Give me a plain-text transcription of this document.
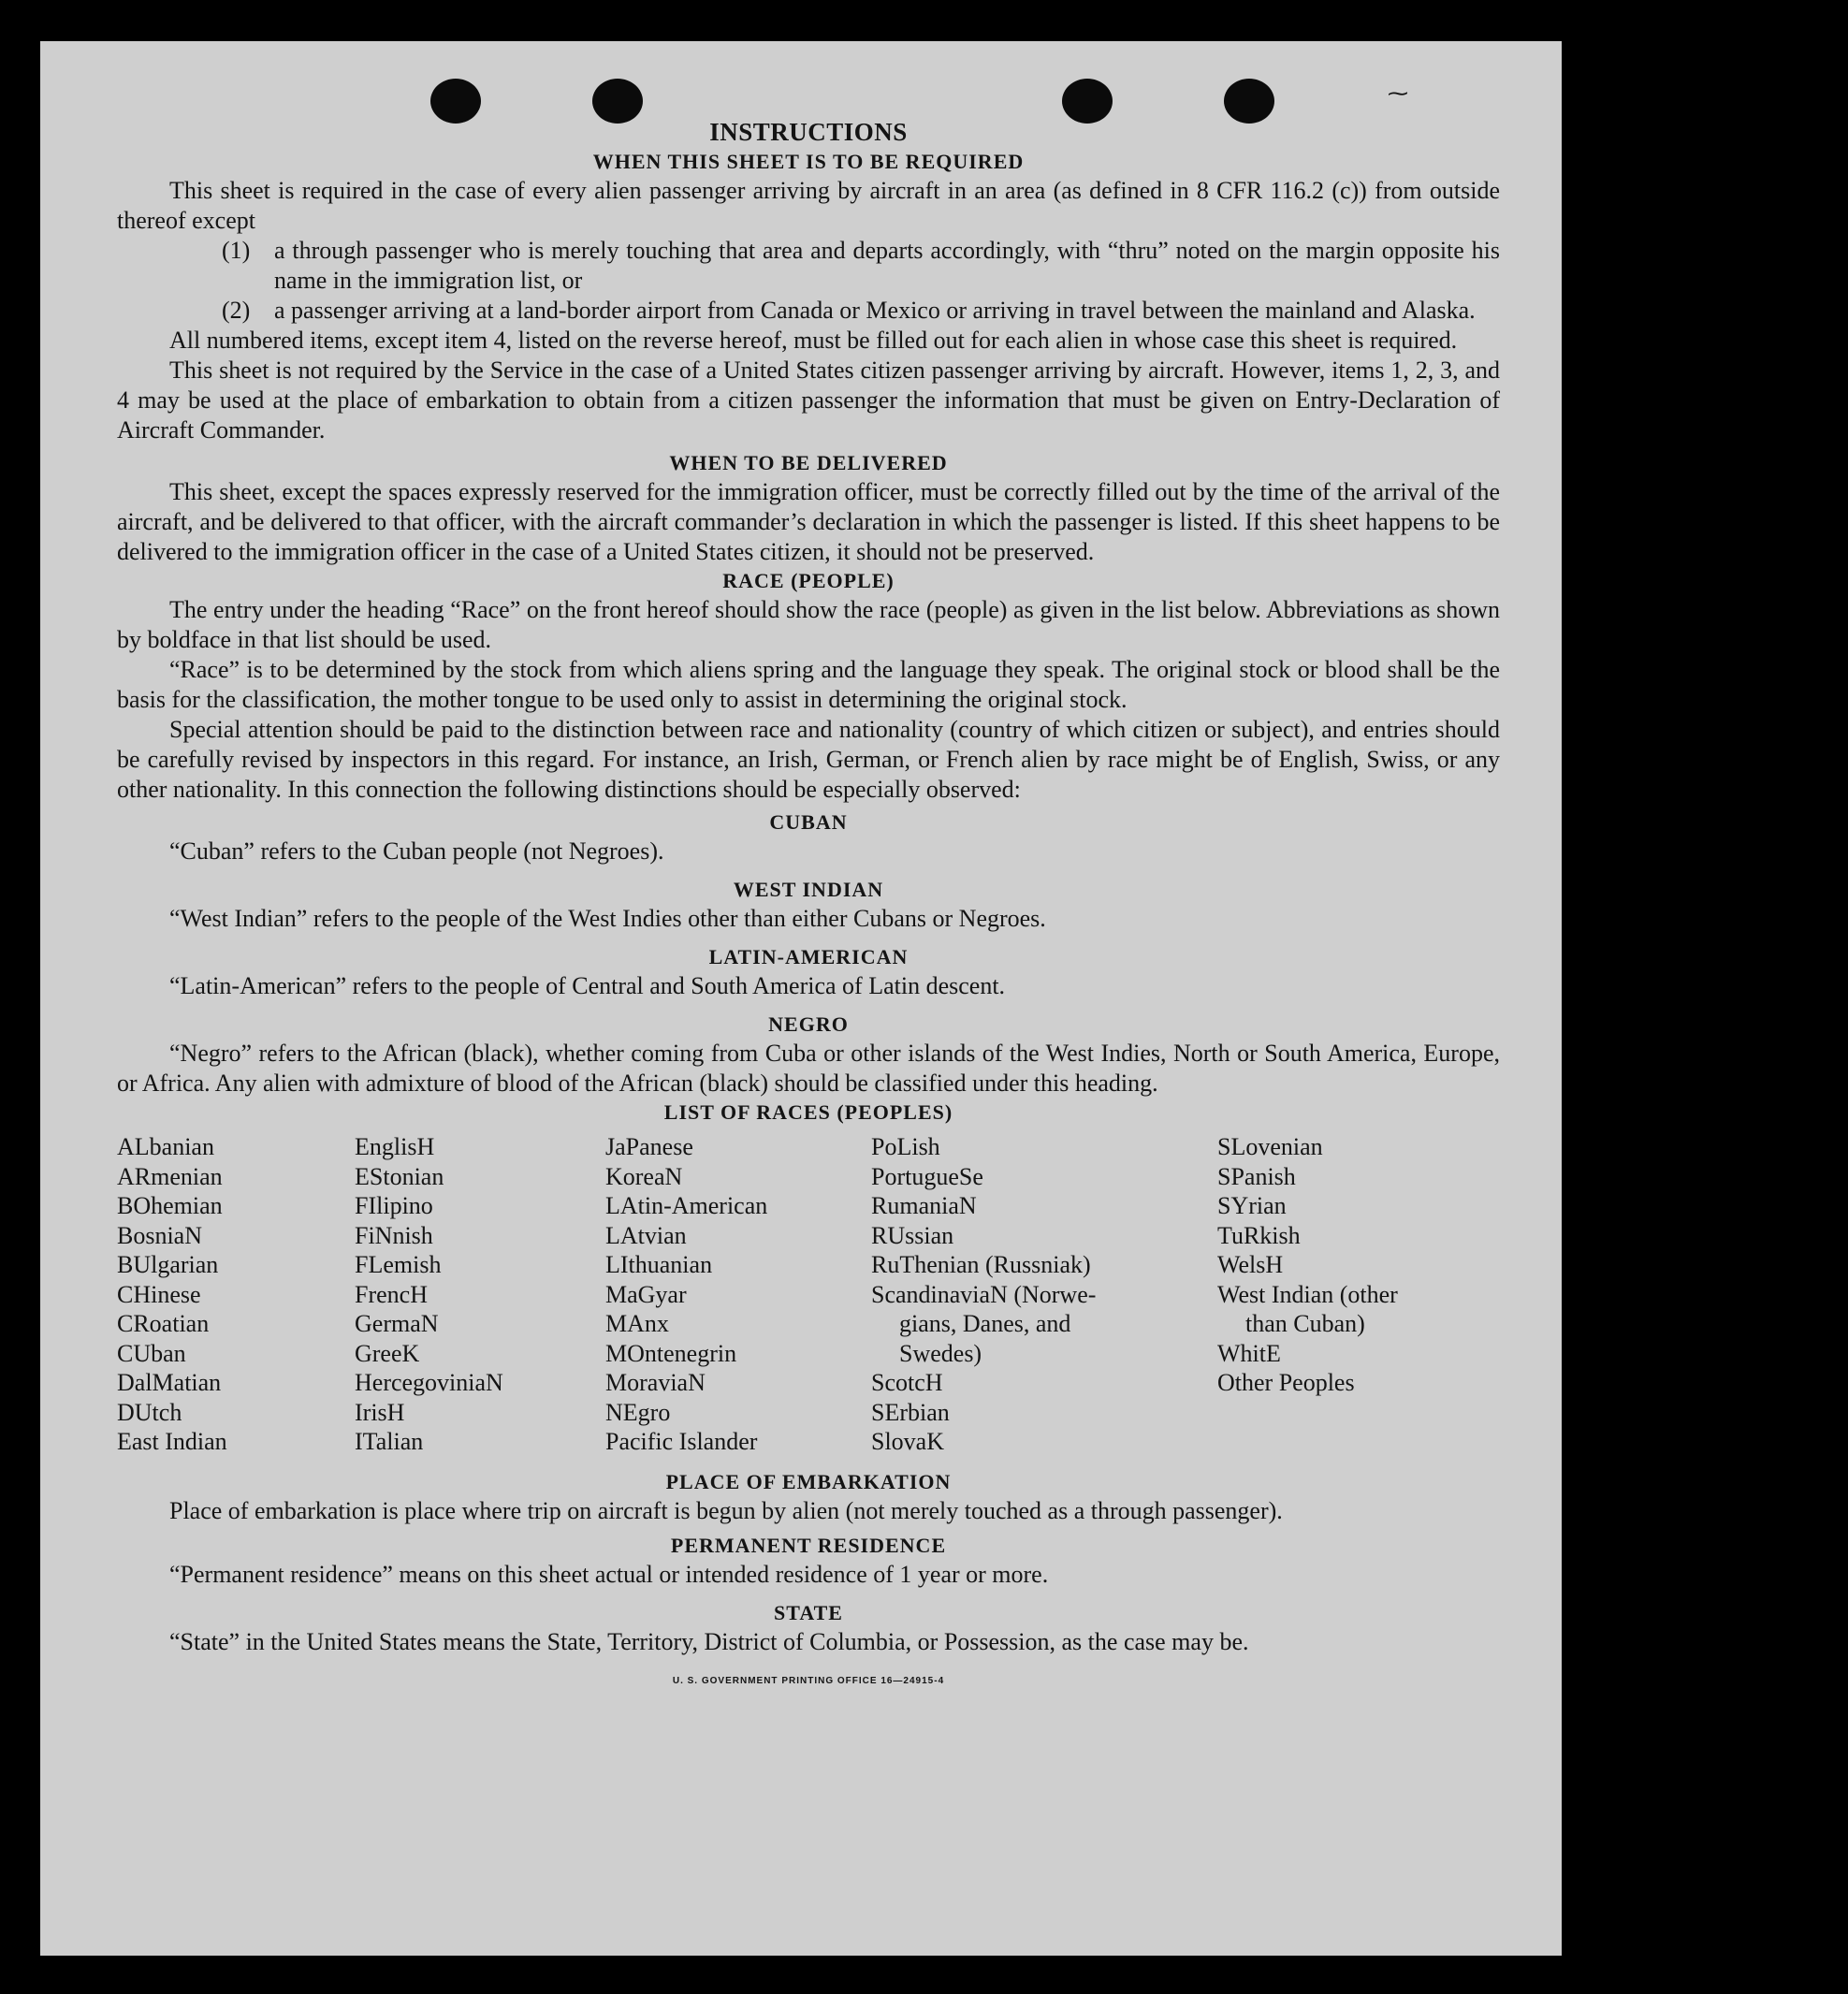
⁓
INSTRUCTIONS
WHEN THIS SHEET IS TO BE REQUIRED

This sheet is required in the case of every alien passenger arriving by aircraft in an area (as defined in 8 CFR 116.2 (c)) from outside thereof except

(1) a through passenger who is merely touching that area and departs accordingly, with “thru” noted on the margin opposite his name in the immigration list, or
(2) a passenger arriving at a land-border airport from Canada or Mexico or arriving in travel between the mainland and Alaska.

All numbered items, except item 4, listed on the reverse hereof, must be filled out for each alien in whose case this sheet is required.

This sheet is not required by the Service in the case of a United States citizen passenger arriving by aircraft. However, items 1, 2, 3, and 4 may be used at the place of embarkation to obtain from a citizen passenger the information that must be given on Entry-Declaration of Aircraft Commander.

WHEN TO BE DELIVERED

This sheet, except the spaces expressly reserved for the immigration officer, must be correctly filled out by the time of the arrival of the aircraft, and be delivered to that officer, with the aircraft commander’s declaration in which the passenger is listed. If this sheet happens to be delivered to the immigration officer in the case of a United States citizen, it should not be preserved.

RACE (PEOPLE)

The entry under the heading “Race” on the front hereof should show the race (people) as given in the list below. Abbreviations as shown by boldface in that list should be used.

“Race” is to be determined by the stock from which aliens spring and the language they speak. The original stock or blood shall be the basis for the classification, the mother tongue to be used only to assist in determining the original stock.

Special attention should be paid to the distinction between race and nationality (country of which citizen or subject), and entries should be carefully revised by inspectors in this regard. For instance, an Irish, German, or French alien by race might be of English, Swiss, or any other nationality. In this connection the following distinctions should be especially observed:

CUBAN

“Cuban” refers to the Cuban people (not Negroes).

WEST INDIAN

“West Indian” refers to the people of the West Indies other than either Cubans or Negroes.

LATIN-AMERICAN

“Latin-American” refers to the people of Central and South America of Latin descent.

NEGRO

“Negro” refers to the African (black), whether coming from Cuba or other islands of the West Indies, North or South America, Europe, or Africa. Any alien with admixture of blood of the African (black) should be classified under this heading.

LIST OF RACES (PEOPLES)
ALbanian
ARmenian
BOhemian
BosniaN
BUlgarian
CHinese
CRoatian
CUban
DalMatian
DUtch
East Indian
EnglisH
EStonian
FIlipino
FiNnish
FLemish
FrencH
GermaN
GreeK
HercegoviniaN
IrisH
ITalian
JaPanese
KoreaN
LAtin-American
LAtvian
LIthuanian
MaGyar
MAnx
MOntenegrin
MoraviaN
NEgro
Pacific Islander
PoLish
PortugueSe
RumaniaN
RUssian
RuThenian (Russniak)
ScandinaviaN (Norwe-
gians, Danes, and
Swedes)
ScotcH
SErbian
SlovaK
SLovenian
SPanish
SYrian
TuRkish
WelsH
West Indian (other
than Cuban)
WhitE
Other Peoples
PLACE OF EMBARKATION

Place of embarkation is place where trip on aircraft is begun by alien (not merely touched as a through passenger).

PERMANENT RESIDENCE

“Permanent residence” means on this sheet actual or intended residence of 1 year or more.

STATE

“State” in the United States means the State, Territory, District of Columbia, or Possession, as the case may be.

U. S. GOVERNMENT PRINTING OFFICE 16—24915-4
